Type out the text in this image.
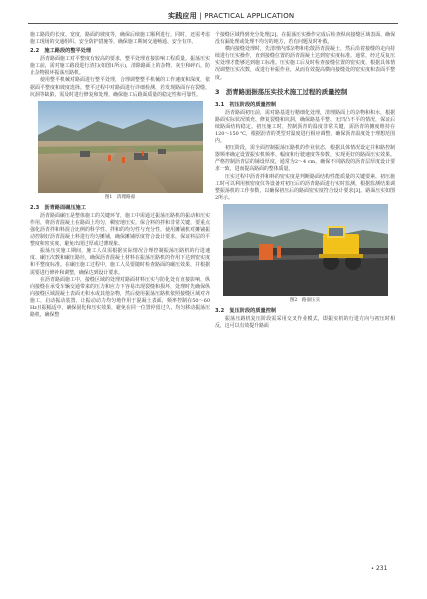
实践应用 | PRACTICAL APPLICATION

施工路段的长度、宽度，路面的坡度等，确保后续施工顺利进行。同时，还需考虑施工现场的交通组织、安全防护措施等，确保施工期间交通畅通、安全有序。

2.2　施工路段的整平处理

沥青路面施工对平整度有较高的要求，整平处理直接影响工程质量。振荡压实施工前，需对施工路段进行清扫(如图1所示)，清除路面上的杂物、灰尘和碎石，防止杂物损坏振荡压路机。

使用整平机械对路面进行整平处理，合理调整整平机械的工作速度和深度，依据面平整度和坡度选择。整平过程中对路面进行详细检测，若发现路面存在裂缝、坑洞等缺陷，需及时进行修复和处理，确保施工后路面质量的稳定性和可靠性。

图1　清理路面
2.3　沥青路面碾压施工

沥青路面碾压是整体施工的关键环节，施工中需通过振荡压路机的振动和压实作用，将沥青混凝土在路面上均匀，稠密地压实。保合料的拌和非常关键，要重点强化沥青拌和料混合比例的科学性、拌和的均匀性与充分性，使用摊铺机对摊铺振动控制好沥青混凝土料进行均匀摊铺，确保摊铺厚度符合设计要求，保证料层的平整度和密实度，避免出现过厚或过薄现象。

振荡压实施工期间，施工人员需根据实际情况合理控制振荡压路机的行进速度、碾压次数和碾压路径，确保沥青混凝土材料在振荡压路机的作用下达到密实度和平整度标准。在碾压施工过程中，施工人员要随时检查路面的碾压效果，并根据需要进行修补和调整，确保达到设计要求。

在沥青路面施工中，接缝区域的处理对路面材料压实与防化处有直接影响，纵向接缝在承受车辆交通带来的压力和应力下容易出现裂缝和损坏，处理时先确保纵向接缝区域混凝土表面无积水或其他杂物，然后使用振荡压路机依照接缝区域对齐施工，启动振动装置，让振动动力均匀地作用于混凝土表面，频率控制在50～60 Hz且振幅适中，确保固化和压实效果，避免在同一位置停留过久，均匀移动振荡压路机，确保整

个接缝区域得到充分处理[2]。在振荡压实操作完成后检查纵向接缝区域表面，确保没有漏处理或处理不均匀的地方，若有问题及时补救。

横向接缝处理时，先清理内部杂物和松散沥青混凝土，然后沿着接缝的走向持续进行压实操作，直到接缝位置的沥青混凝土达到密实度标准。通常，经过反复压实处理才能够达到施工标准。压实施工后及时检查接缝位置的密实度，根据具体情况调整压实次数，或进行补振作业，从而有效提高横向接缝处的密实度和表面平整度。

3　沥青路面振荡压实技术施工过程的质量控制
3.1　初压阶段的质量控制

沥青路面初压前，需对路基进行精细化处理，清理路面上的杂物和积水，根据路面实际状况填充、修复裂缝和坑洞，确保路基平整、无凹凸不平的情况，保证后续路面结构稳定。初压施工时，控制沥青的温度非常关键，需沥青的摊度维持在120～150 ℃，根据沥青的类型对温度进行相应调整，确保沥青温度处于理想范围内。

初压阶段，需全面控制振荡压路机的作业状态，根据具体情况设定并和路控制器频率确定设置振实机频率、幅度和行驶速度等参数，实现更好的路面压实效果。严格控制沥青层的铺设厚度，通常为2～4 cm，确保不同路段的沥青层厚度设计要求一致，进而提高路面的整体质量。

压实过程中沥青拌和料的密实度是判断路面结构性能质量的关键要素，初压施工时可以利用核密度仪等设备对初压后的沥青路面进行实时监测，根据监测结果调整振荡机的工作参数，以确保初压后的路面密实度符合设计要求[3]。路面压实如图2所示。

图2　路面压实
3.2　复压阶段的质量控制

振荡压路机复压阶段需采用交叉作业模式，即振实机的行进方向与初压时相反，这可以有效提升路面

• 231
